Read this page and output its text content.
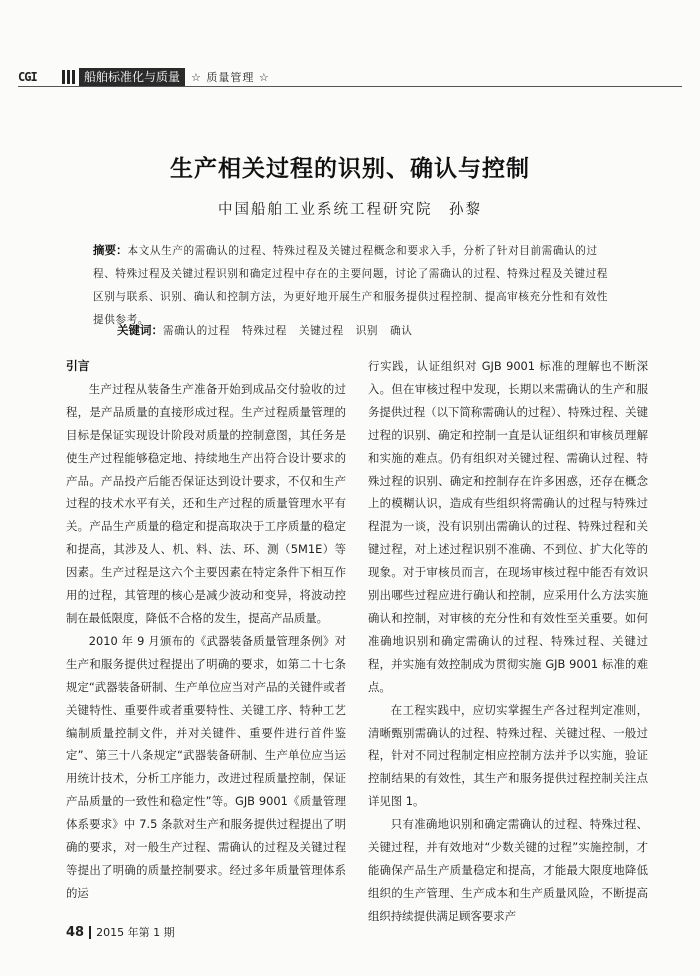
CGI	船舶标准化与质量	☆ 质量管理 ☆
生产相关过程的识别、确认与控制
中国船舶工业系统工程研究院　孙黎
摘要：本文从生产的需确认的过程、特殊过程及关键过程概念和要求入手，分析了针对目前需确认的过程、特殊过程及关键过程识别和确定过程中存在的主要问题，讨论了需确认的过程、特殊过程及关键过程区别与联系、识别、确认和控制方法，为更好地开展生产和服务提供过程控制、提高审核充分性和有效性提供参考。
关键词：需确认的过程 特殊过程 关键过程 识别 确认
引言

生产过程从装备生产准备开始到成品交付验收的过程，是产品质量的直接形成过程。生产过程质量管理的目标是保证实现设计阶段对质量的控制意图，其任务是使生产过程能够稳定地、持续地生产出符合设计要求的产品。产品投产后能否保证达到设计要求，不仅和生产过程的技术水平有关，还和生产过程的质量管理水平有关。产品生产质量的稳定和提高取决于工序质量的稳定和提高，其涉及人、机、料、法、环、测（5M1E）等因素。生产过程是这六个主要因素在特定条件下相互作用的过程，其管理的核心是减少波动和变异，将波动控制在最低限度，降低不合格的发生，提高产品质量。

2010 年 9 月颁布的《武器装备质量管理条例》对生产和服务提供过程提出了明确的要求，如第二十七条规定“武器装备研制、生产单位应当对产品的关键件或者关键特性、重要件或者重要特性、关键工序、特种工艺编制质量控制文件，并对关键件、重要件进行首件鉴定”、第三十八条规定“武器装备研制、生产单位应当运用统计技术，分析工序能力，改进过程质量控制，保证产品质量的一致性和稳定性”等。GJB 9001《质量管理体系要求》中 7.5 条款对生产和服务提供过程提出了明确的要求，对一般生产过程、需确认的过程及关键过程等提出了明确的质量控制要求。经过多年质量管理体系的运

行实践，认证组织对 GJB 9001 标准的理解也不断深入。但在审核过程中发现，长期以来需确认的生产和服务提供过程（以下简称需确认的过程）、特殊过程、关键过程的识别、确定和控制一直是认证组织和审核员理解和实施的难点。仍有组织对关键过程、需确认过程、特殊过程的识别、确定和控制存在许多困惑，还存在概念上的模糊认识，造成有些组织将需确认的过程与特殊过程混为一谈，没有识别出需确认的过程、特殊过程和关键过程，对上述过程识别不准确、不到位、扩大化等的现象。对于审核员而言，在现场审核过程中能否有效识别出哪些过程应进行确认和控制，应采用什么方法实施确认和控制，对审核的充分性和有效性至关重要。如何准确地识别和确定需确认的过程、特殊过程、关键过程，并实施有效控制成为贯彻实施 GJB 9001 标准的难点。

在工程实践中，应切实掌握生产各过程判定准则，清晰甄别需确认的过程、特殊过程、关键过程、一般过程，针对不同过程制定相应控制方法并予以实施，验证控制结果的有效性，其生产和服务提供过程控制关注点详见图 1。

只有准确地识别和确定需确认的过程、特殊过程、关键过程，并有效地对“少数关键的过程”实施控制，才能确保产品生产质量稳定和提高，才能最大限度地降低组织的生产管理、生产成本和生产质量风险，不断提高组织持续提供满足顾客要求产

48 2015 年第 1 期
